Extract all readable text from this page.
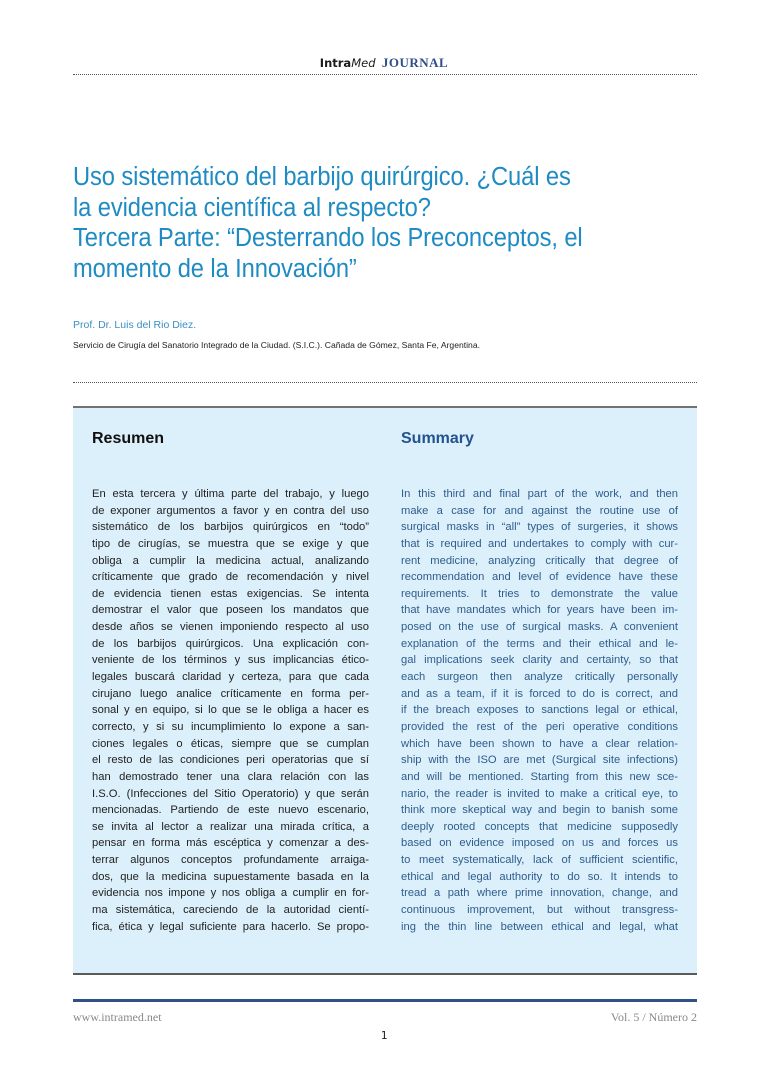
IntraMed JOURNAL
Uso sistemático del barbijo quirúrgico. ¿Cuál es
la evidencia científica al respecto?
Tercera Parte: “Desterrando los Preconceptos, el
momento de la Innovación”
Prof. Dr. Luis del Rio Diez.
Servicio de Cirugía del Sanatorio Integrado de la Ciudad. (S.I.C.). Cañada de Gómez, Santa Fe, Argentina.
Resumen	Summary
En esta tercera y última parte del trabajo, y luego
de exponer argumentos a favor y en contra del uso
sistemático de los barbijos quirúrgicos en “todo”
tipo de cirugías, se muestra que se exige y que
obliga a cumplir la medicina actual, analizando
críticamente que grado de recomendación y nivel
de evidencia tienen estas exigencias. Se intenta
demostrar el valor que poseen los mandatos que
desde años se vienen imponiendo respecto al uso
de los barbijos quirúrgicos. Una explicación con-
veniente de los términos y sus implicancias ético-
legales buscará claridad y certeza, para que cada
cirujano luego analice críticamente en forma per-
sonal y en equipo, si lo que se le obliga a hacer es
correcto, y si su incumplimiento lo expone a san-
ciones legales o éticas, siempre que se cumplan
el resto de las condiciones peri operatorias que sí
han demostrado tener una clara relación con las
I.S.O. (Infecciones del Sitio Operatorio) y que serán
mencionadas. Partiendo de este nuevo escenario,
se invita al lector a realizar una mirada crítica, a
pensar en forma más escéptica y comenzar a des-
terrar algunos conceptos profundamente arraiga-
dos, que la medicina supuestamente basada en la
evidencia nos impone y nos obliga a cumplir en for-
ma sistemática, careciendo de la autoridad cientí-
fica, ética y legal suficiente para hacerlo. Se propo-
In this third and final part of the work, and then
make a case for and against the routine use of
surgical masks in “all” types of surgeries, it shows
that is required and undertakes to comply with cur-
rent medicine, analyzing critically that degree of
recommendation and level of evidence have these
requirements. It tries to demonstrate the value
that have mandates which for years have been im-
posed on the use of surgical masks. A convenient
explanation of the terms and their ethical and le-
gal implications seek clarity and certainty, so that
each surgeon then analyze critically personally
and as a team, if it is forced to do is correct, and
if the breach exposes to sanctions legal or ethical,
provided the rest of the peri operative conditions
which have been shown to have a clear relation-
ship with the ISO are met (Surgical site infections)
and will be mentioned. Starting from this new sce-
nario, the reader is invited to make a critical eye, to
think more skeptical way and begin to banish some
deeply rooted concepts that medicine supposedly
based on evidence imposed on us and forces us
to meet systematically, lack of sufficient scientific,
ethical and legal authority to do so. It intends to
tread a path where prime innovation, change, and
continuous improvement, but without transgress-
ing the thin line between ethical and legal, what
www.intramed.net	Vol. 5 / Número 2
1
